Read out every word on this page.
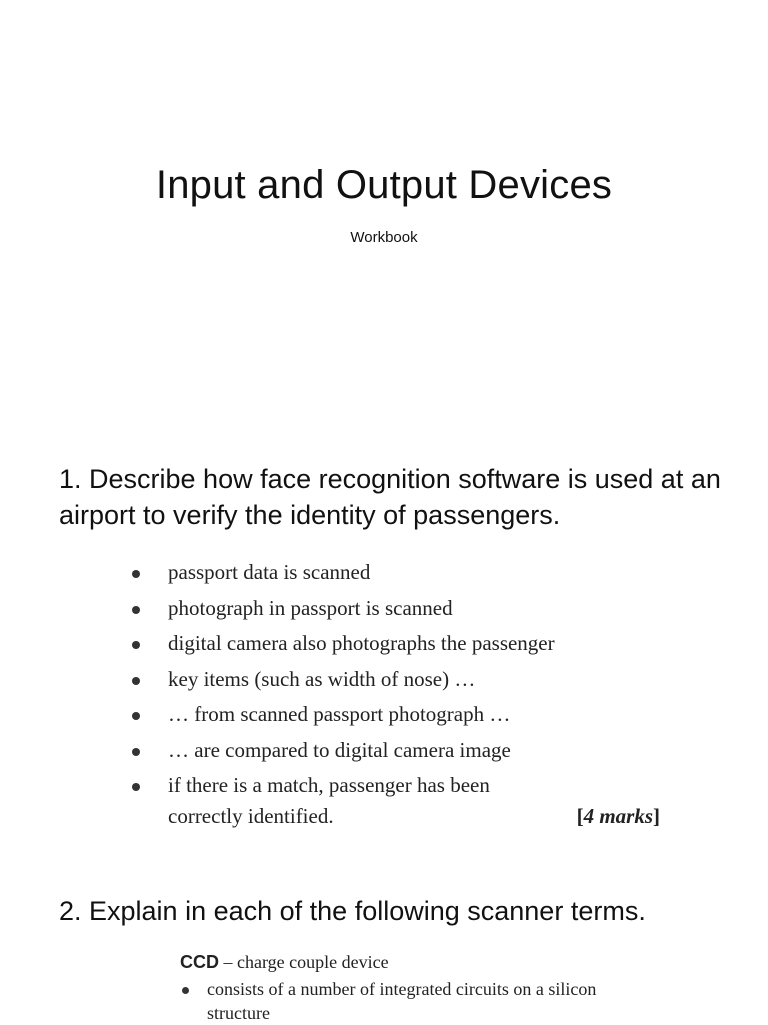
Input and Output Devices
Workbook

1. Describe how face recognition software is used at an airport to verify the identity of passengers.

passport data is scanned
photograph in passport is scanned
digital camera also photographs the passenger
key items (such as width of nose) …
… from scanned passport photograph …
… are compared to digital camera image
if there is a match, passenger has been correctly identified.	[4 marks]

2. Explain in each of the following scanner terms.

CCD – charge couple device
consists of a number of integrated circuits on a silicon structure
